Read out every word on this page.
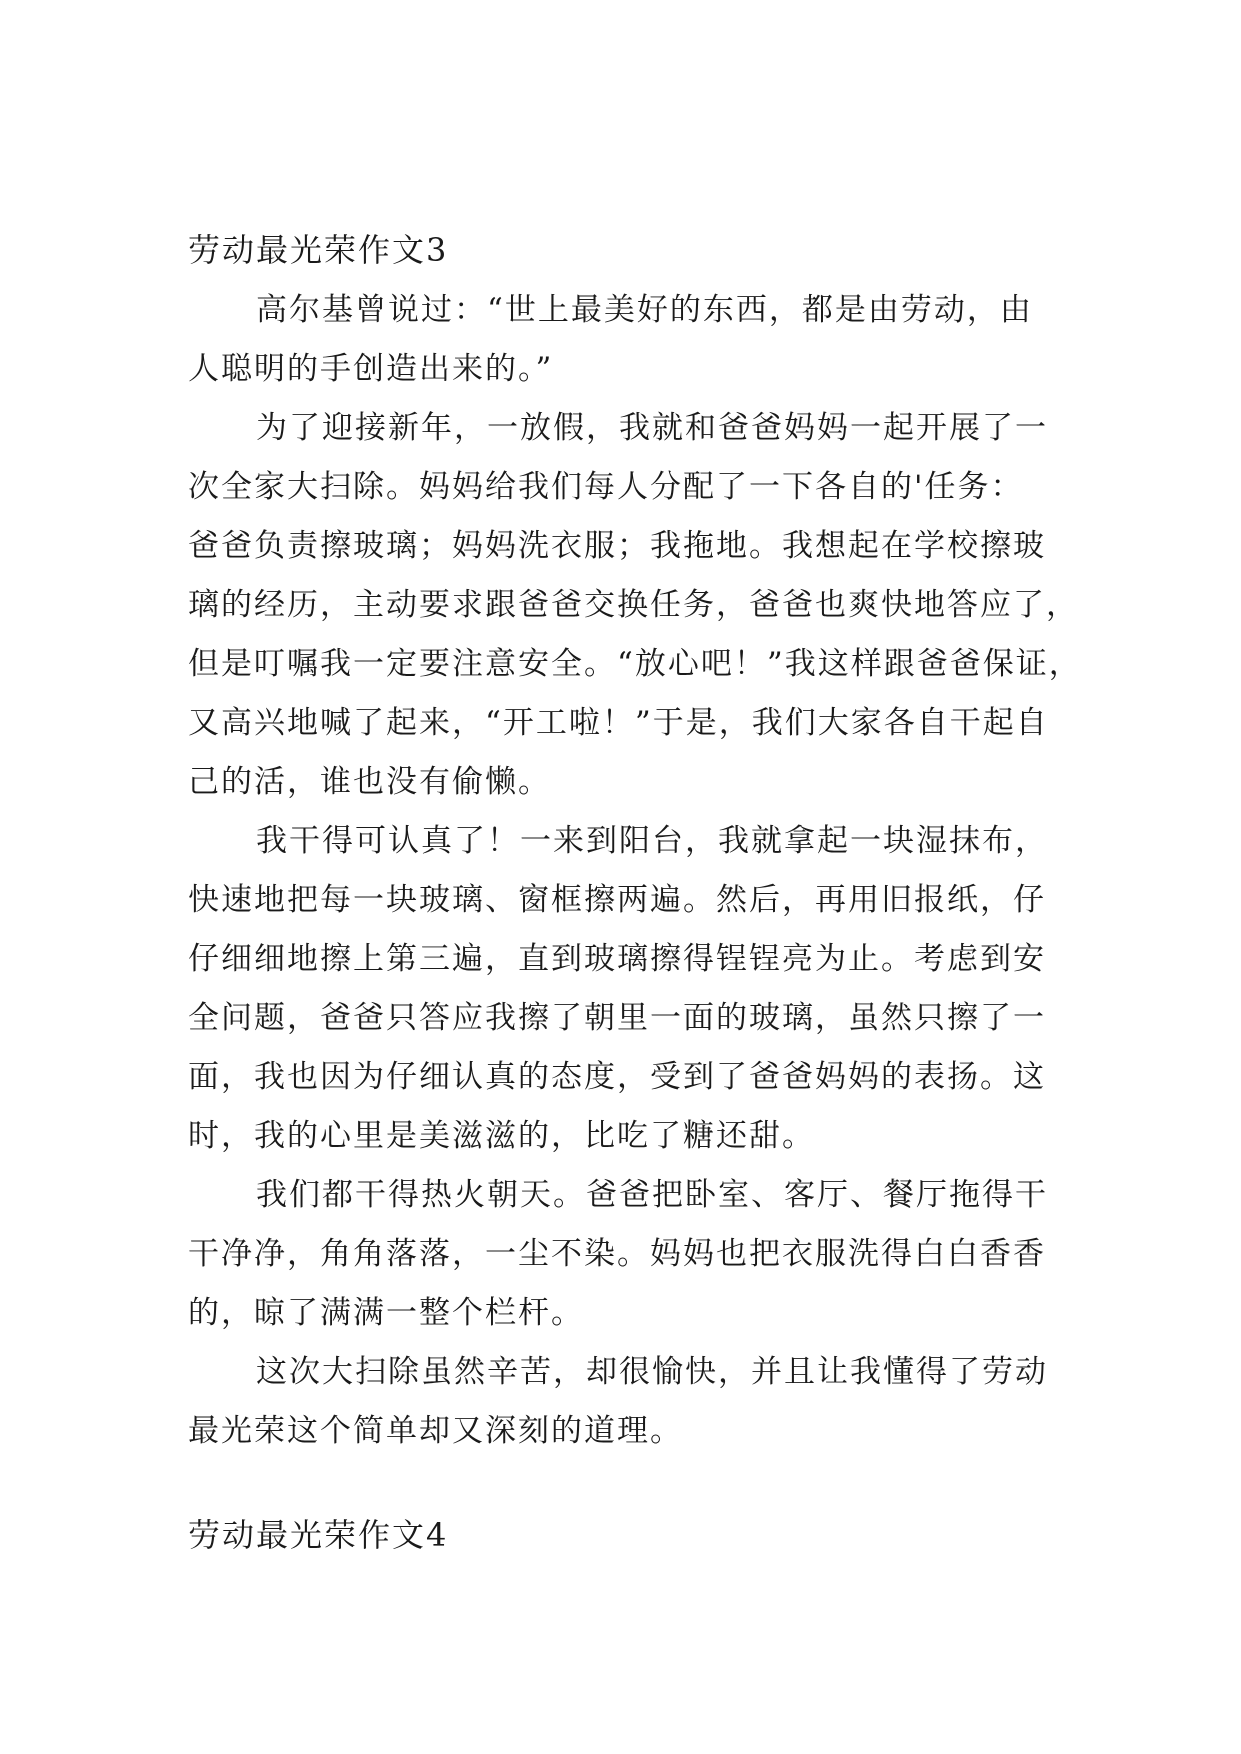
劳动最光荣作文3

高尔基曾说过：“世上最美好的东西，都是由劳动，由
人聪明的手创造出来的。”

为了迎接新年，一放假，我就和爸爸妈妈一起开展了一
次全家大扫除。妈妈给我们每人分配了一下各自的'任务：
爸爸负责擦玻璃；妈妈洗衣服；我拖地。我想起在学校擦玻
璃的经历，主动要求跟爸爸交换任务，爸爸也爽快地答应了，
但是叮嘱我一定要注意安全。“放心吧！”我这样跟爸爸保证，
又高兴地喊了起来，“开工啦！”于是，我们大家各自干起自
己的活，谁也没有偷懒。

我干得可认真了！一来到阳台，我就拿起一块湿抹布，
快速地把每一块玻璃、窗框擦两遍。然后，再用旧报纸，仔
仔细细地擦上第三遍，直到玻璃擦得锃锃亮为止。考虑到安
全问题，爸爸只答应我擦了朝里一面的玻璃，虽然只擦了一
面，我也因为仔细认真的态度，受到了爸爸妈妈的表扬。这
时，我的心里是美滋滋的，比吃了糖还甜。

我们都干得热火朝天。爸爸把卧室、客厅、餐厅拖得干
干净净，角角落落，一尘不染。妈妈也把衣服洗得白白香香
的，晾了满满一整个栏杆。

这次大扫除虽然辛苦，却很愉快，并且让我懂得了劳动
最光荣这个简单却又深刻的道理。

劳动最光荣作文4
